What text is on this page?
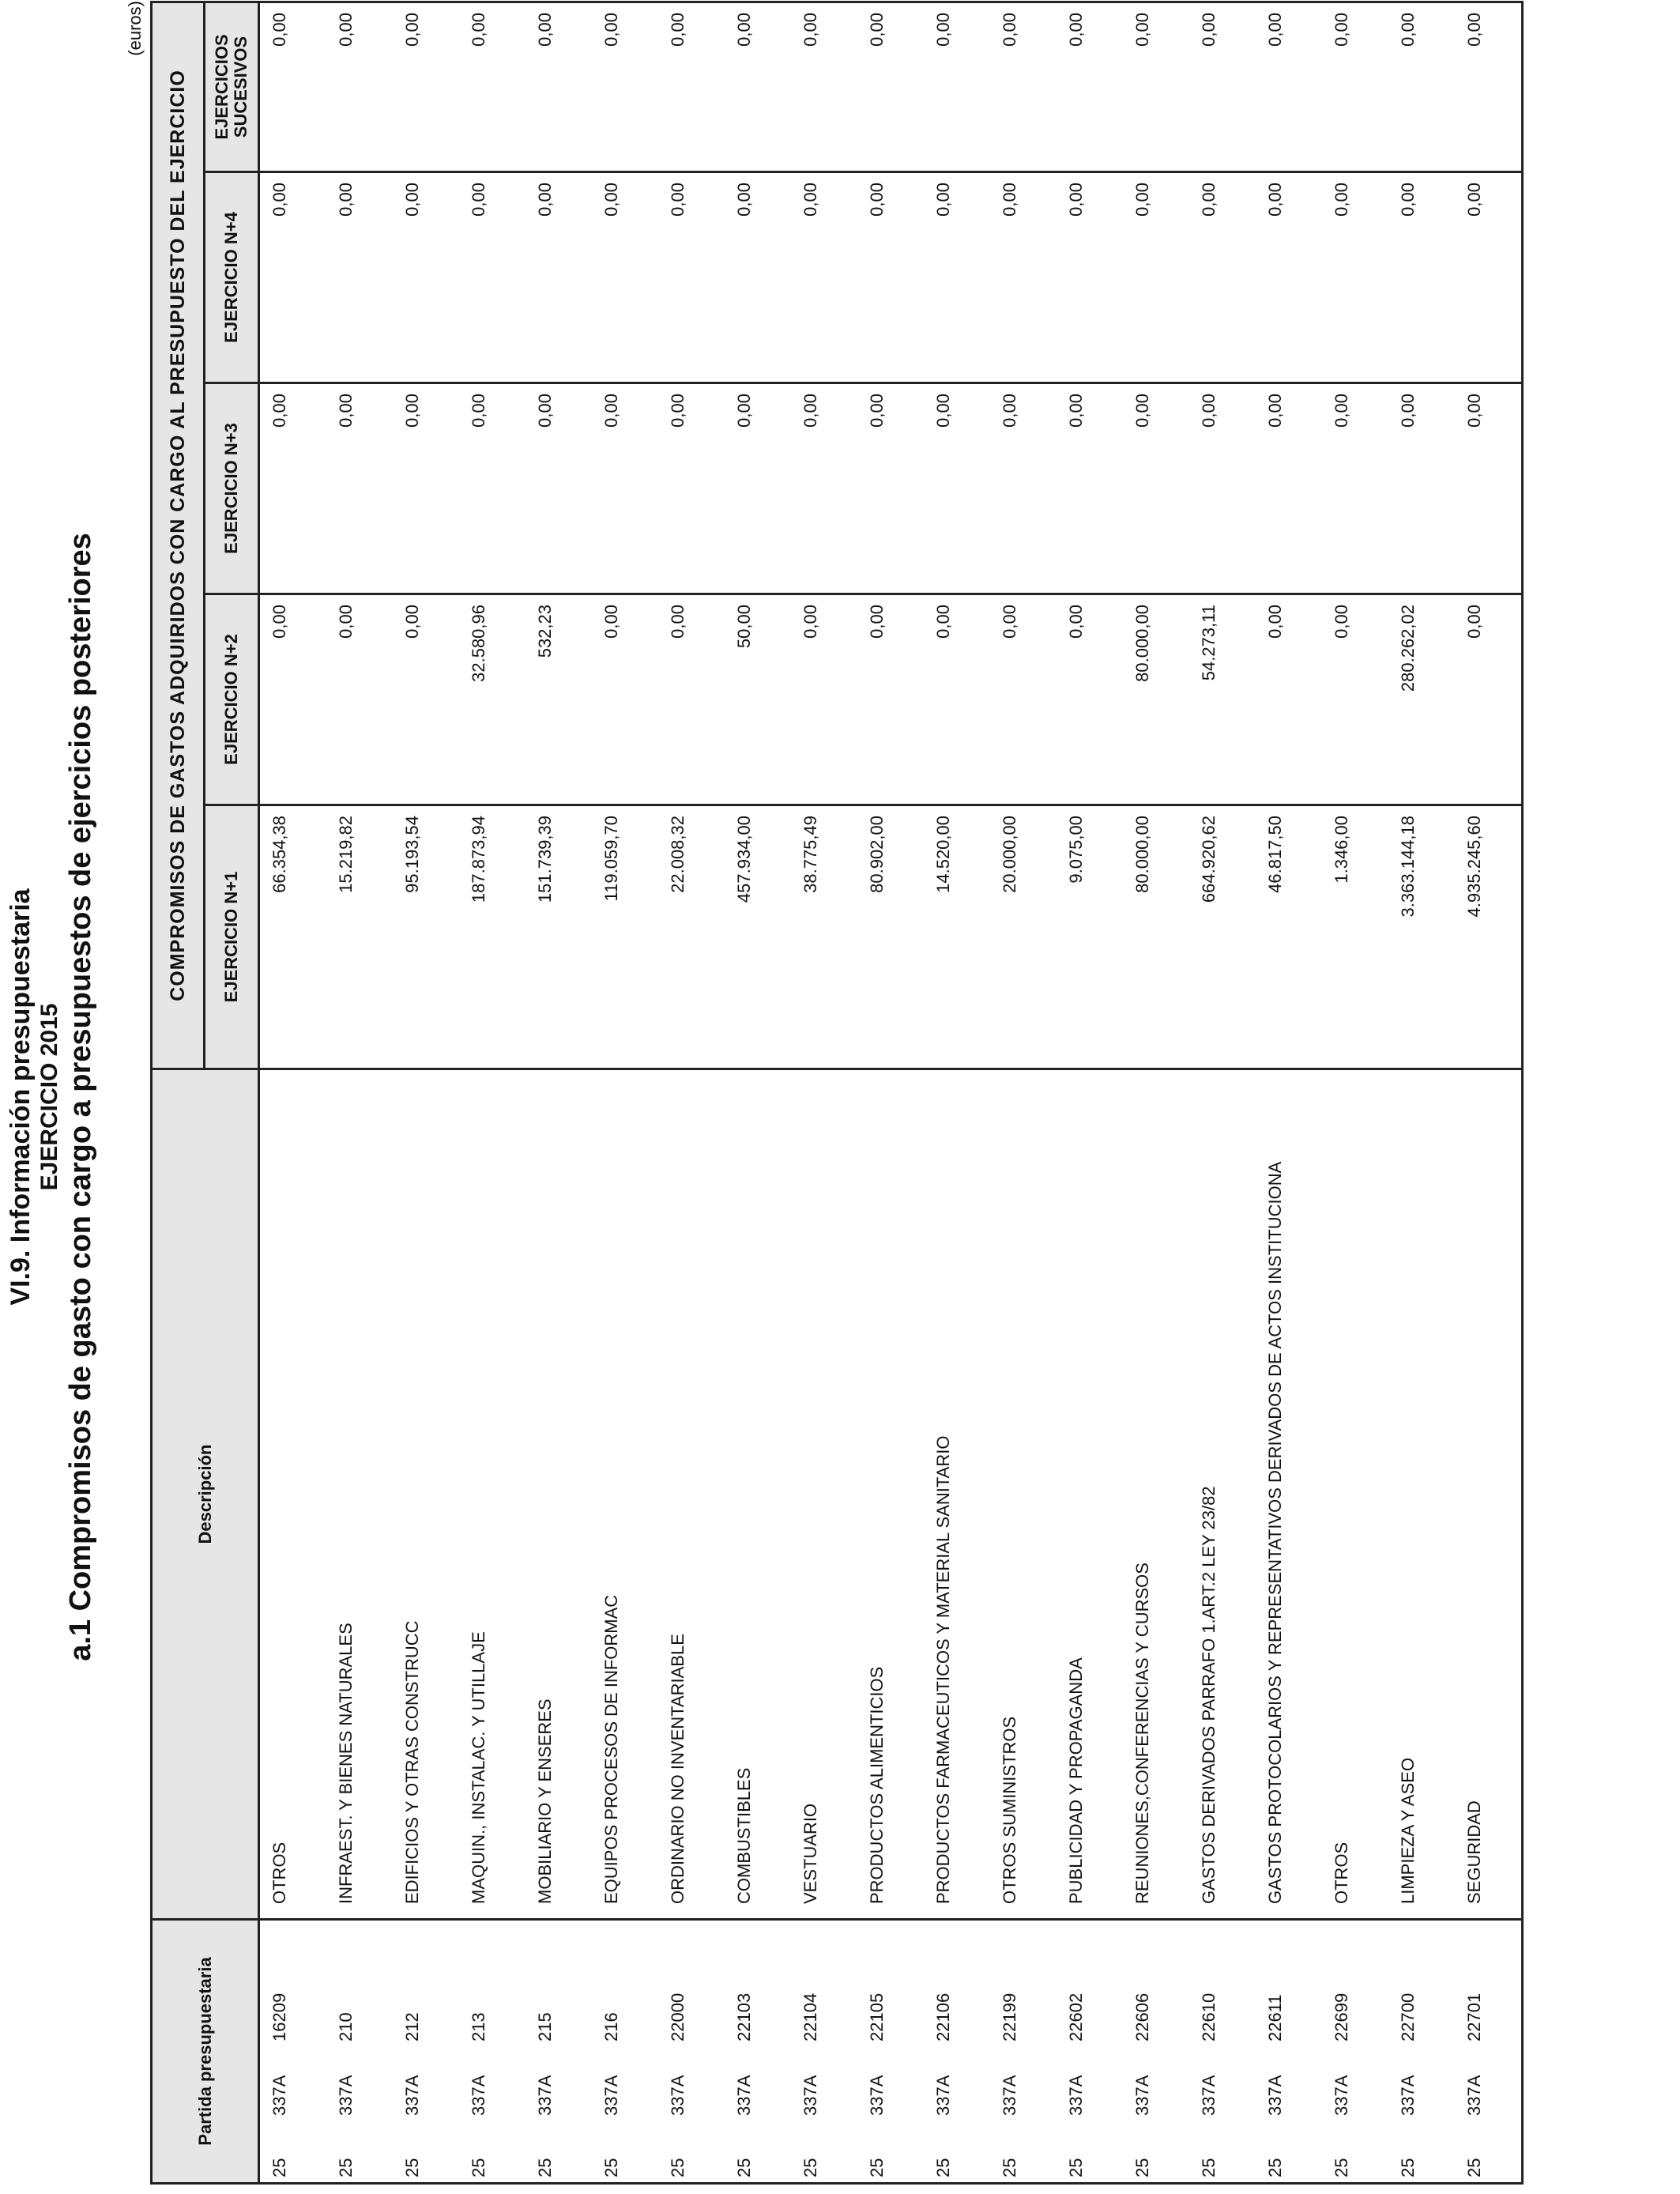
VI.9. Información presupuestaria EJERCICIO 2015 a.1 Compromisos de gasto con cargo a presupuestos de ejercicios posteriores
(euros)
Partida presupuestaria	Descripción	COMPROMISOS DE GASTOS ADQUIRIDOS CON CARGO AL PRESUPUESTO DEL EJERCICIO				
		EJERCICIO N+1	EJERCICIO N+2	EJERCICIO N+3	EJERCICIO N+4	EJERCICIOS
SUCESIVOS
25337A16209	OTROS	66.354,38	0,00	0,00	0,00	0,00
25337A210	INFRAEST. Y BIENES NATURALES	15.219,82	0,00	0,00	0,00	0,00
25337A212	EDIFICIOS Y OTRAS CONSTRUCC	95.193,54	0,00	0,00	0,00	0,00
25337A213	MAQUIN., INSTALAC. Y UTILLAJE	187.873,94	32.580,96	0,00	0,00	0,00
25337A215	MOBILIARIO Y ENSERES	151.739,39	532,23	0,00	0,00	0,00
25337A216	EQUIPOS PROCESOS DE INFORMAC	119.059,70	0,00	0,00	0,00	0,00
25337A22000	ORDINARIO NO INVENTARIABLE	22.008,32	0,00	0,00	0,00	0,00
25337A22103	COMBUSTIBLES	457.934,00	50,00	0,00	0,00	0,00
25337A22104	VESTUARIO	38.775,49	0,00	0,00	0,00	0,00
25337A22105	PRODUCTOS ALIMENTICIOS	80.902,00	0,00	0,00	0,00	0,00
25337A22106	PRODUCTOS FARMACEUTICOS Y MATERIAL SANITARIO	14.520,00	0,00	0,00	0,00	0,00
25337A22199	OTROS SUMINISTROS	20.000,00	0,00	0,00	0,00	0,00
25337A22602	PUBLICIDAD Y PROPAGANDA	9.075,00	0,00	0,00	0,00	0,00
25337A22606	REUNIONES,CONFERENCIAS Y CURSOS	80.000,00	80.000,00	0,00	0,00	0,00
25337A22610	GASTOS DERIVADOS PARRAFO 1.ART.2 LEY 23/82	664.920,62	54.273,11	0,00	0,00	0,00
25337A22611	GASTOS PROTOCOLARIOS Y REPRESENTATIVOS DERIVADOS DE ACTOS INSTITUCIONA	46.817,50	0,00	0,00	0,00	0,00
25337A22699	OTROS	1.346,00	0,00	0,00	0,00	0,00
25337A22700	LIMPIEZA Y ASEO	3.363.144,18	280.262,02	0,00	0,00	0,00
25337A22701	SEGURIDAD	4.935.245,60	0,00	0,00	0,00	0,00
